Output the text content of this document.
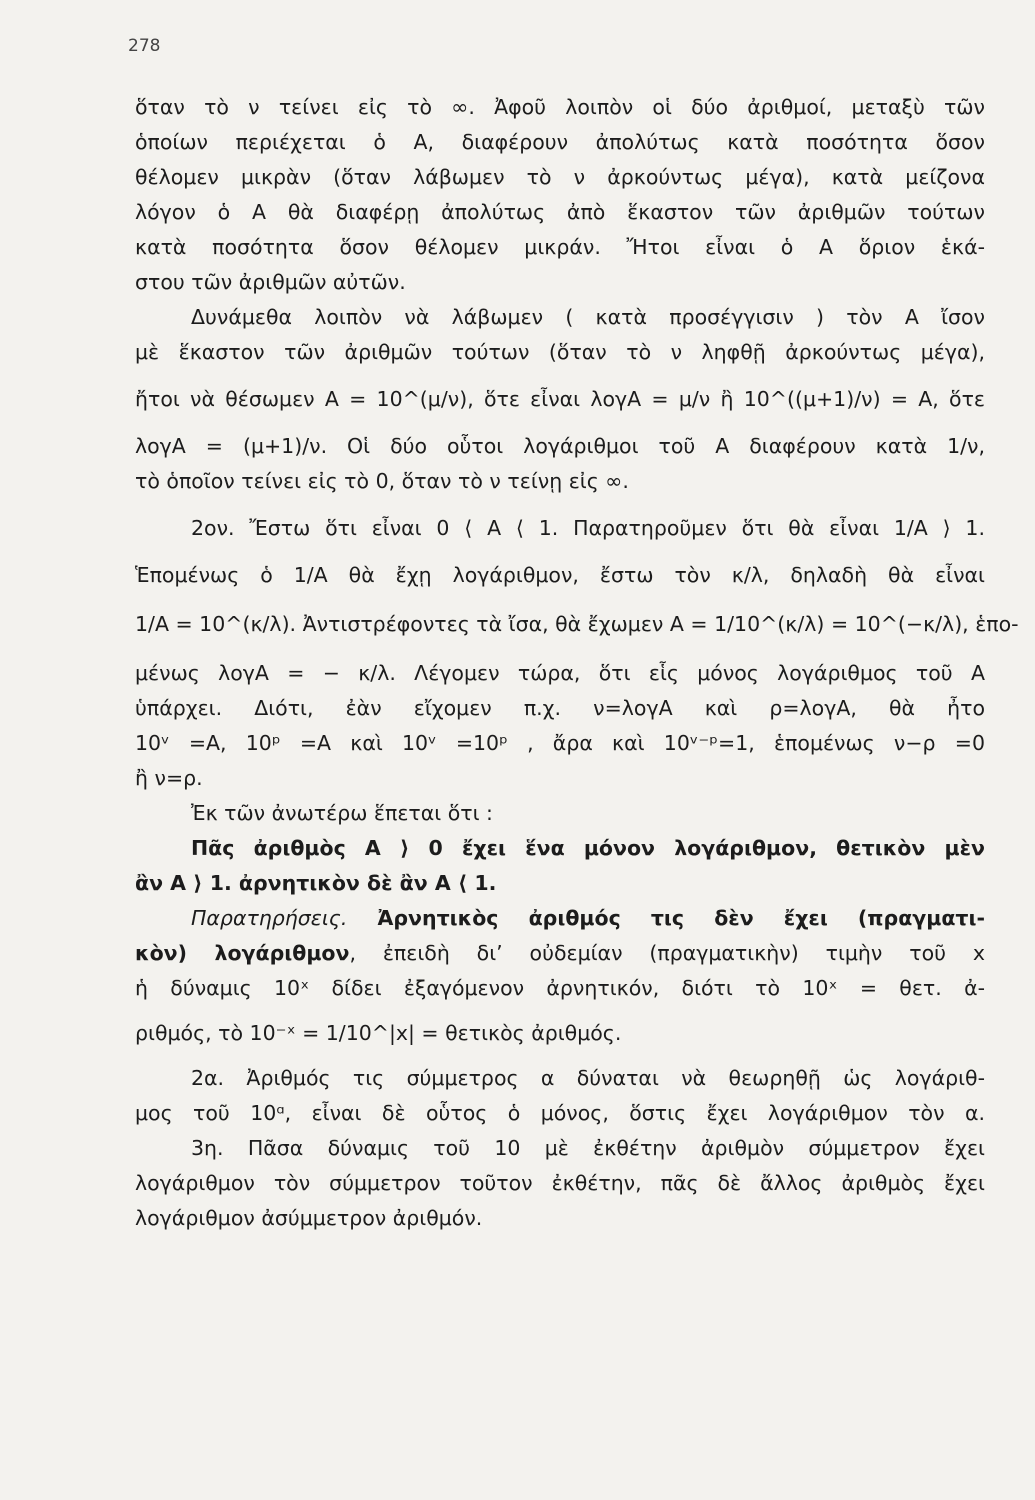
278
ὅταν τὸ ν τείνει εἰς τὸ ∞. Ἀφοῦ λοιπὸν οἱ δύο ἀριθμοί, μεταξὺ τῶν
ὁποίων περιέχεται ὁ Α, διαφέρουν ἀπολύτως κατὰ ποσότητα ὅσον
θέλομεν μικρὰν (ὅταν λάβωμεν τὸ ν ἀρκούντως μέγα), κατὰ μείζονα
λόγον ὁ Α θὰ διαφέρῃ ἀπολύτως ἀπὸ ἕκαστον τῶν ἀριθμῶν τούτων
κατὰ ποσότητα ὅσον θέλομεν μικράν. Ἤτοι εἶναι ὁ Α ὅριον ἑκά-
στου τῶν ἀριθμῶν αὐτῶν.
Δυνάμεθα λοιπὸν νὰ λάβωμεν ( κατὰ προσέγγισιν ) τὸν Α ἴσον
μὲ ἕκαστον τῶν ἀριθμῶν τούτων (ὅταν τὸ ν ληφθῇ ἀρκούντως μέγα),
ἤτοι νὰ θέσωμεν Α = 10^(μ/ν), ὅτε εἶναι λογΑ = μ/ν ἢ 10^((μ+1)/ν) = Α, ὅτε
λογΑ = (μ+1)/ν. Οἱ δύο οὗτοι λογάριθμοι τοῦ Α διαφέρουν κατὰ 1/ν,
τὸ ὁποῖον τείνει εἰς τὸ 0, ὅταν τὸ ν τείνῃ εἰς ∞.
2ον. Ἔστω ὅτι εἶναι 0 ⟨ Α ⟨ 1. Παρατηροῦμεν ὅτι θὰ εἶναι 1/Α ⟩ 1.
Ἑπομένως ὁ 1/Α θὰ ἔχῃ λογάριθμον, ἔστω τὸν κ/λ, δηλαδὴ θὰ εἶναι
1/Α = 10^(κ/λ). Ἀντιστρέφοντες τὰ ἴσα, θὰ ἔχωμεν Α = 1/10^(κ/λ) = 10^(−κ/λ), ἑπο-
μένως λογΑ = − κ/λ. Λέγομεν τώρα, ὅτι εἷς μόνος λογάριθμος τοῦ Α
ὑπάρχει. Διότι, ἐὰν εἴχομεν π.χ. ν=λογΑ καὶ ρ=λογΑ, θὰ ἦτο
10ᵛ =Α, 10ᵖ =Α καὶ 10ᵛ =10ᵖ , ἄρα καὶ 10ᵛ⁻ᵖ=1, ἑπομένως ν−ρ =0
ἢ ν=ρ.
Ἐκ τῶν ἀνωτέρω ἕπεται ὅτι :
Πᾶς ἀριθμὸς Α ⟩ 0 ἔχει ἕνα μόνον λογάριθμον, θετικὸν μὲν
ἂν Α ⟩ 1. ἀρνητικὸν δὲ ἂν Α ⟨ 1.
Παρατηρήσεις. Ἀρνητικὸς ἀριθμός τις δὲν ἔχει (πραγματι-
κὸν) λογάριθμον, ἐπειδὴ δι’ οὐδεμίαν (πραγματικὴν) τιμὴν τοῦ x
ἡ δύναμις 10ˣ δίδει ἐξαγόμενον ἀρνητικόν, διότι τὸ 10ˣ = θετ. ἀ-
ριθμός, τὸ 10⁻ˣ = 1/10^|x| = θετικὸς ἀριθμός.
2α. Ἀριθμός τις σύμμετρος α δύναται νὰ θεωρηθῇ ὡς λογάριθ-
μος τοῦ 10ᵅ, εἶναι δὲ οὗτος ὁ μόνος, ὅστις ἔχει λογάριθμον τὸν α.
3η. Πᾶσα δύναμις τοῦ 10 μὲ ἐκθέτην ἀριθμὸν σύμμετρον ἔχει
λογάριθμον τὸν σύμμετρον τοῦτον ἐκθέτην, πᾶς δὲ ἄλλος ἀριθμὸς ἔχει
λογάριθμον ἀσύμμετρον ἀριθμόν.
